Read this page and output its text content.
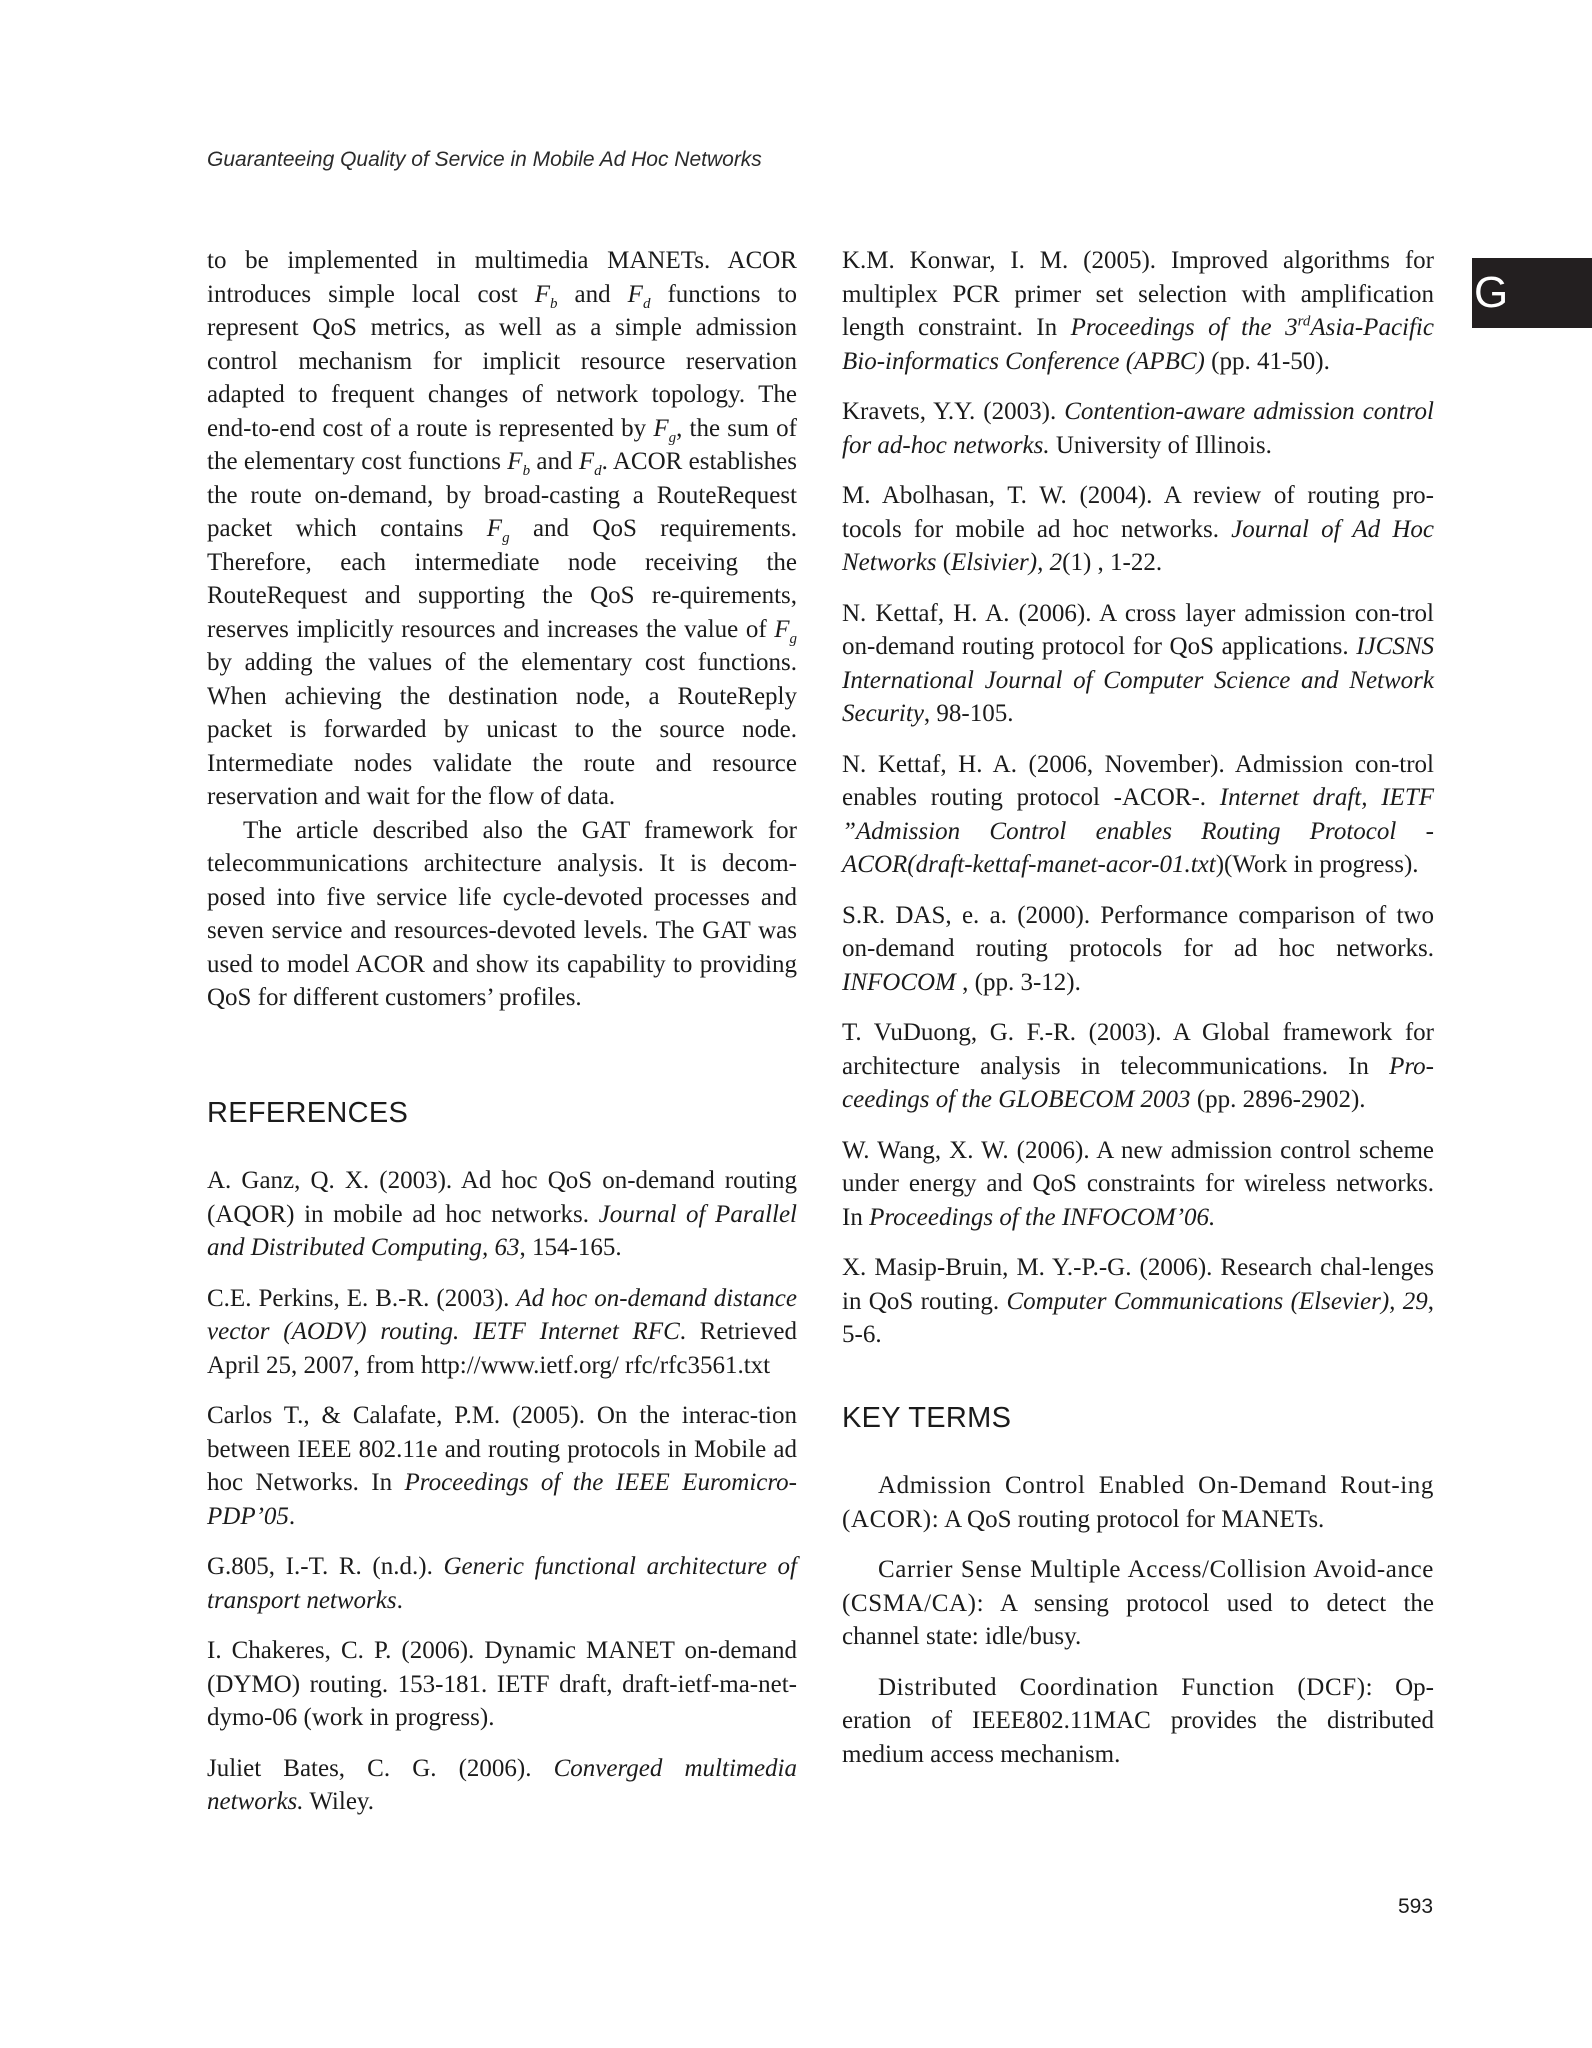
Guaranteeing Quality of Service in Mobile Ad Hoc Networks
G

to be implemented in multimedia MANETs. ACOR introduces simple local cost $F_b$ and $F_d$ functions to represent QoS metrics, as well as a simple admission control mechanism for implicit resource reservation adapted to frequent changes of network topology. The end-to-end cost of a route is represented by $F_g$, the sum of the elementary cost functions $F_b$ and $F_d$. ACOR establishes the route on-demand, by broad-casting a RouteRequest packet which contains $F_g$ and QoS requirements. Therefore, each intermediate node receiving the RouteRequest and supporting the QoS re-quirements, reserves implicitly resources and increases the value of $F_g$ by adding the values of the elementary cost functions. When achieving the destination node, a RouteReply packet is forwarded by unicast to the source node. Intermediate nodes validate the route and resource reservation and wait for the flow of data.

The article described also the GAT framework for telecommunications architecture analysis. It is decom-posed into five service life cycle-devoted processes and seven service and resources-devoted levels. The GAT was used to model ACOR and show its capability to providing QoS for different customers’ profiles.

REFERENCES

A. Ganz, Q. X. (2003). Ad hoc QoS on-demand routing (AQOR) in mobile ad hoc networks. Journal of Parallel and Distributed Computing, 63, 154-165.

C.E. Perkins, E. B.-R. (2003). Ad hoc on-demand distance vector (AODV) routing. IETF Internet RFC. Retrieved April 25, 2007, from http://www.ietf.org/ rfc/rfc3561.txt

Carlos T., & Calafate, P.M. (2005). On the interac-tion between IEEE 802.11e and routing protocols in Mobile ad hoc Networks. In Proceedings of the IEEE Euromicro-PDP’05.

G.805, I.-T. R. (n.d.). Generic functional architecture of transport networks.

I. Chakeres, C. P. (2006). Dynamic MANET on-demand (DYMO) routing. 153-181. IETF draft, draft-ietf-ma-net-dymo-06 (work in progress).

Juliet Bates, C. G. (2006). Converged multimedia networks. Wiley.

K.M. Konwar, I. M. (2005). Improved algorithms for multiplex PCR primer set selection with amplification length constraint. In Proceedings of the 3rdAsia-Pacific Bio-informatics Conference (APBC) (pp. 41-50).

Kravets, Y.Y. (2003). Contention-aware admission control for ad-hoc networks. University of Illinois.

M. Abolhasan, T. W. (2004). A review of routing pro-tocols for mobile ad hoc networks. Journal of Ad Hoc Networks (Elsivier), 2(1) , 1-22.

N. Kettaf, H. A. (2006). A cross layer admission con-trol on-demand routing protocol for QoS applications. IJCSNS International Journal of Computer Science and Network Security, 98-105.

N. Kettaf, H. A. (2006, November). Admission con-trol enables routing protocol -ACOR-. Internet draft, IETF ”Admission Control enables Routing Protocol -ACOR(draft-kettaf-manet-acor-01.txt)(Work in progress).

S.R. DAS, e. a. (2000). Performance comparison of two on-demand routing protocols for ad hoc networks. INFOCOM , (pp. 3-12).

T. VuDuong, G. F.-R. (2003). A Global framework for architecture analysis in telecommunications. In Pro-ceedings of the GLOBECOM 2003 (pp. 2896-2902).

W. Wang, X. W. (2006). A new admission control scheme under energy and QoS constraints for wireless networks. In Proceedings of the INFOCOM’06.

X. Masip-Bruin, M. Y.-P.-G. (2006). Research chal-lenges in QoS routing. Computer Communications (Elsevier), 29, 5-6.

KEY TERMS

Admission Control Enabled On-Demand Rout-ing (ACOR): A QoS routing protocol for MANETs.

Carrier Sense Multiple Access/Collision Avoid-ance (CSMA/CA): A sensing protocol used to detect the channel state: idle/busy.

Distributed Coordination Function (DCF): Op-eration of IEEE802.11MAC provides the distributed medium access mechanism.

593
